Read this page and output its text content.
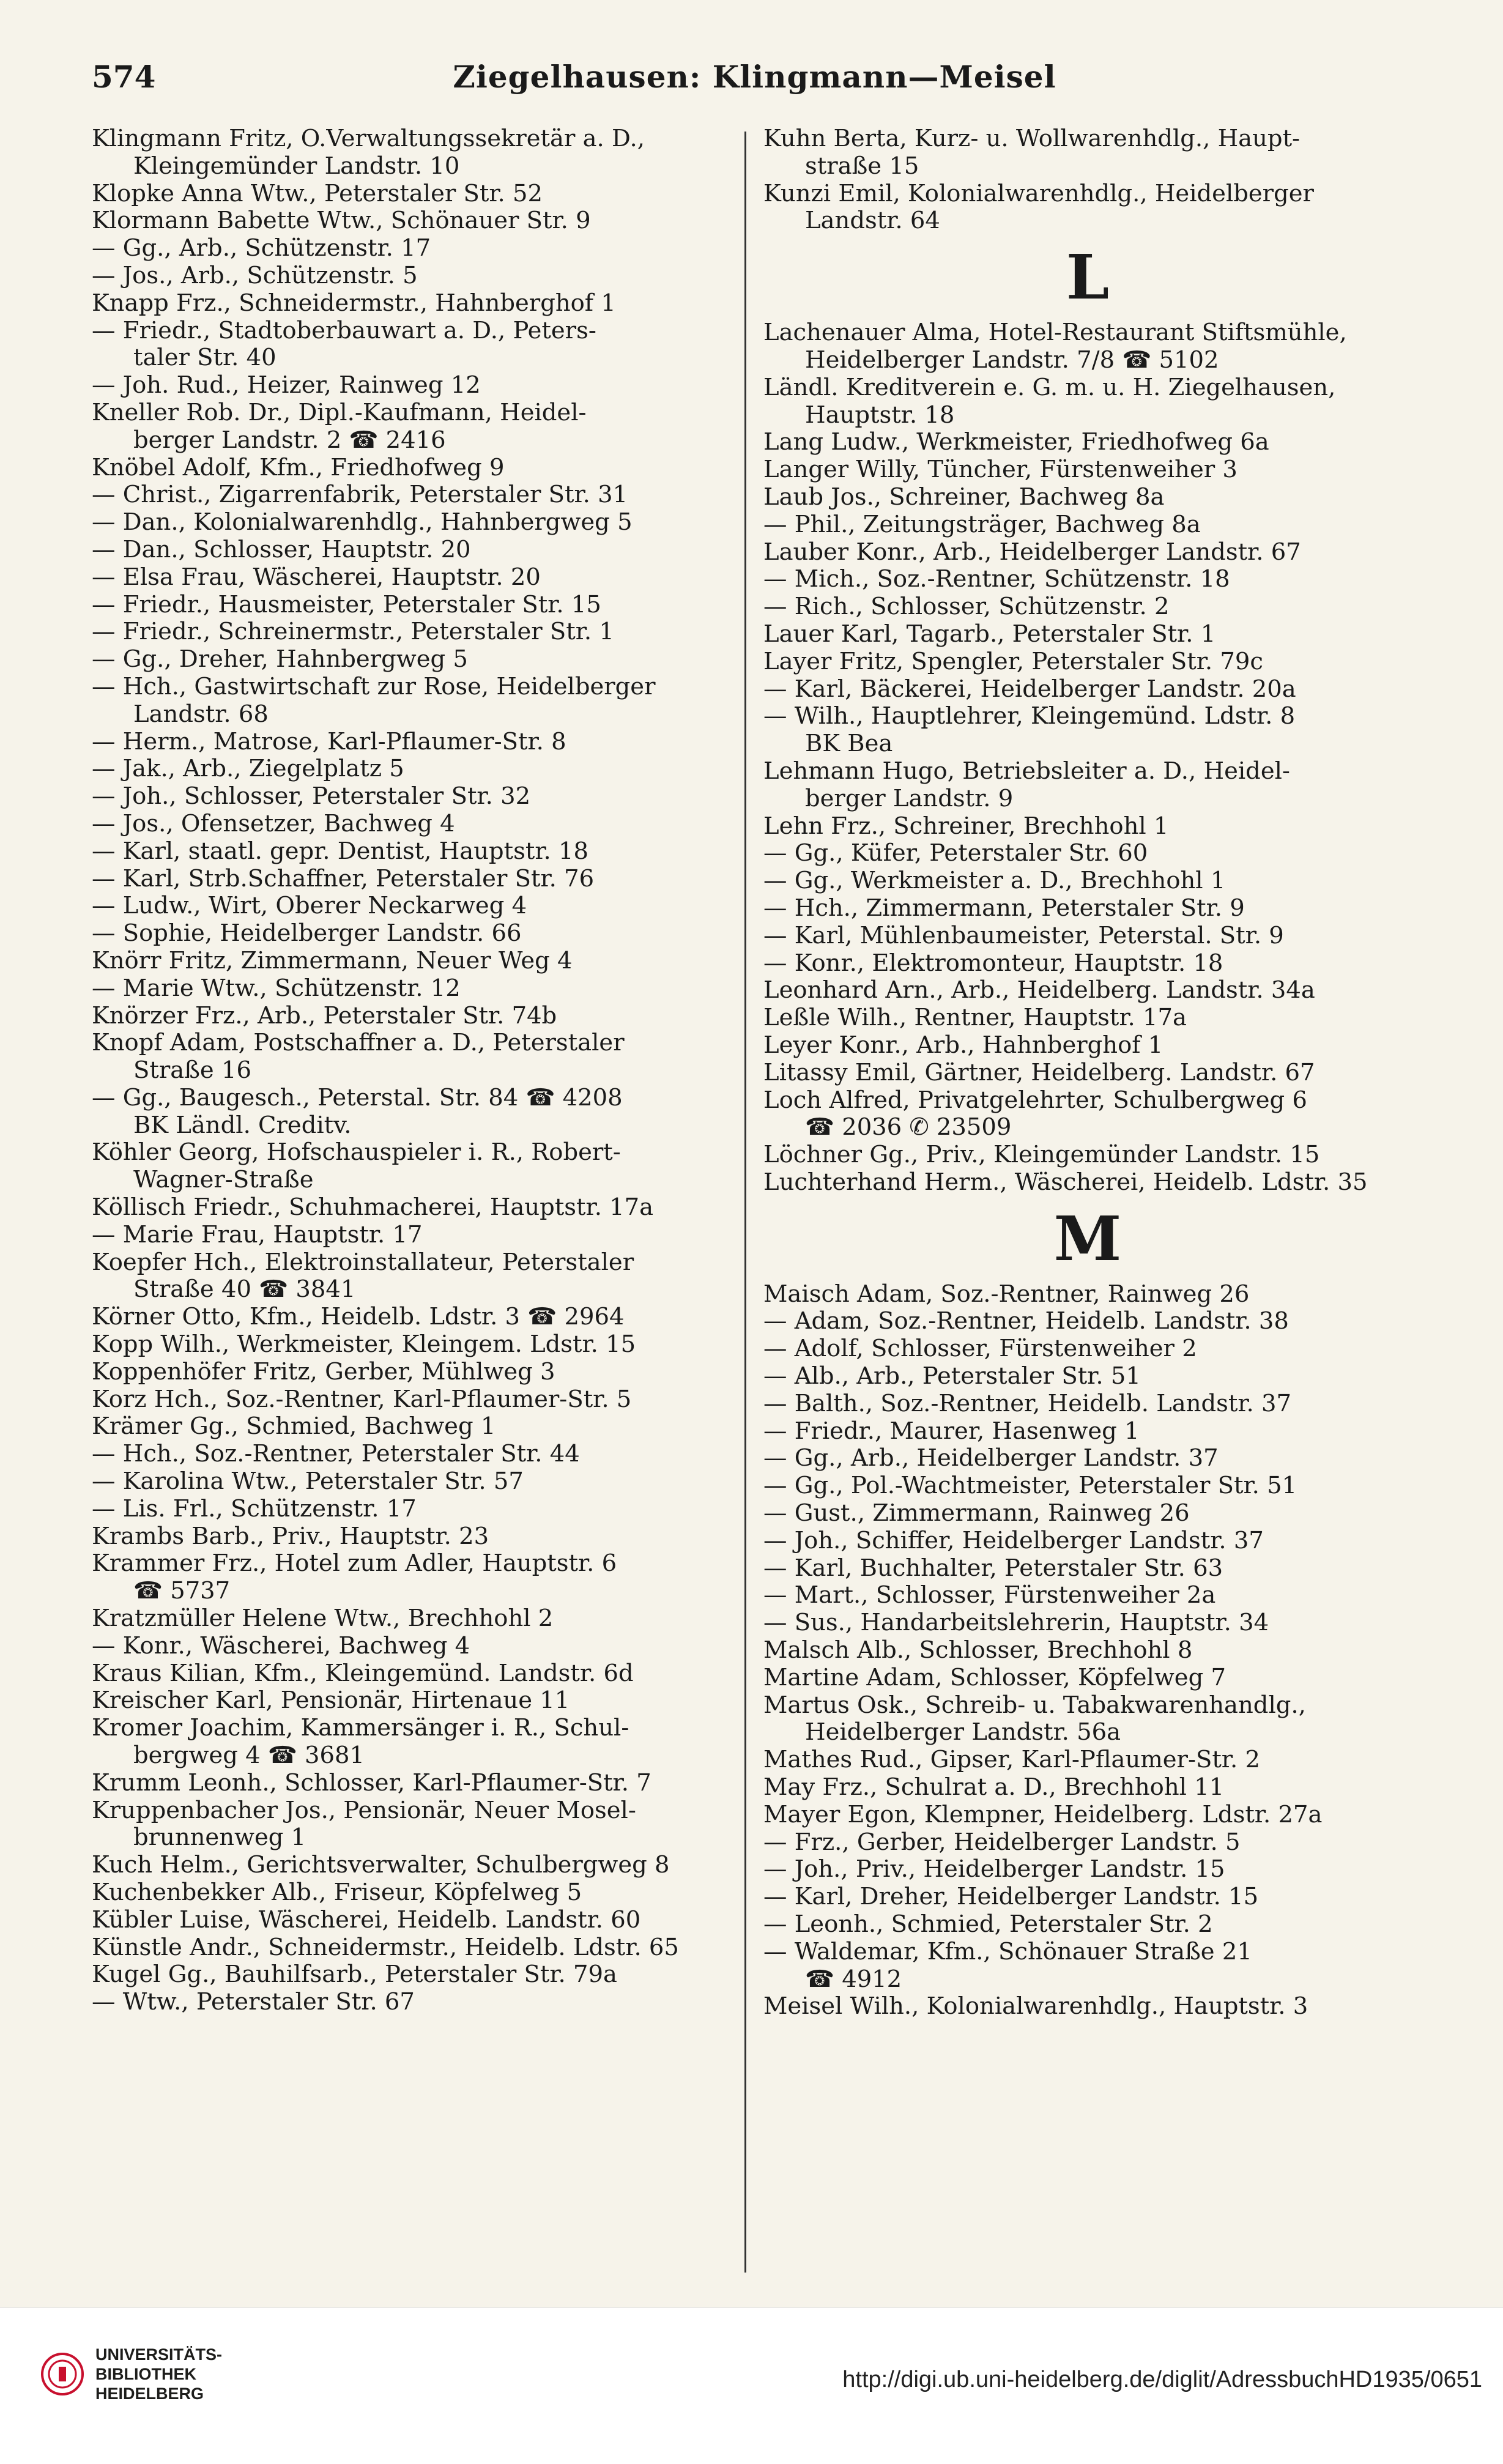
574	Ziegelhausen: Klingmann—Meisel
Klingmann Fritz, O.Verwaltungssekretär a. D.,
Kleingemünder Landstr. 10
Klopke Anna Wtw., Peterstaler Str. 52
Klormann Babette Wtw., Schönauer Str. 9
— Gg., Arb., Schützenstr. 17
— Jos., Arb., Schützenstr. 5
Knapp Frz., Schneidermstr., Hahnberghof 1
— Friedr., Stadtoberbauwart a. D., Peters-
taler Str. 40
— Joh. Rud., Heizer, Rainweg 12
Kneller Rob. Dr., Dipl.-Kaufmann, Heidel-
berger Landstr. 2 ☎ 2416
Knöbel Adolf, Kfm., Friedhofweg 9
— Christ., Zigarrenfabrik, Peterstaler Str. 31
— Dan., Kolonialwarenhdlg., Hahnbergweg 5
— Dan., Schlosser, Hauptstr. 20
— Elsa Frau, Wäscherei, Hauptstr. 20
— Friedr., Hausmeister, Peterstaler Str. 15
— Friedr., Schreinermstr., Peterstaler Str. 1
— Gg., Dreher, Hahnbergweg 5
— Hch., Gastwirtschaft zur Rose, Heidelberger
Landstr. 68
— Herm., Matrose, Karl-Pflaumer-Str. 8
— Jak., Arb., Ziegelplatz 5
— Joh., Schlosser, Peterstaler Str. 32
— Jos., Ofensetzer, Bachweg 4
— Karl, staatl. gepr. Dentist, Hauptstr. 18
— Karl, Strb.Schaffner, Peterstaler Str. 76
— Ludw., Wirt, Oberer Neckarweg 4
— Sophie, Heidelberger Landstr. 66
Knörr Fritz, Zimmermann, Neuer Weg 4
— Marie Wtw., Schützenstr. 12
Knörzer Frz., Arb., Peterstaler Str. 74b
Knopf Adam, Postschaffner a. D., Peterstaler
Straße 16
— Gg., Baugesch., Peterstal. Str. 84 ☎ 4208
BK Ländl. Creditv.
Köhler Georg, Hofschauspieler i. R., Robert-
Wagner-Straße
Köllisch Friedr., Schuhmacherei, Hauptstr. 17a
— Marie Frau, Hauptstr. 17
Koepfer Hch., Elektroinstallateur, Peterstaler
Straße 40 ☎ 3841
Körner Otto, Kfm., Heidelb. Ldstr. 3 ☎ 2964
Kopp Wilh., Werkmeister, Kleingem. Ldstr. 15
Koppenhöfer Fritz, Gerber, Mühlweg 3
Korz Hch., Soz.-Rentner, Karl-Pflaumer-Str. 5
Krämer Gg., Schmied, Bachweg 1
— Hch., Soz.-Rentner, Peterstaler Str. 44
— Karolina Wtw., Peterstaler Str. 57
— Lis. Frl., Schützenstr. 17
Krambs Barb., Priv., Hauptstr. 23
Krammer Frz., Hotel zum Adler, Hauptstr. 6
☎ 5737
Kratzmüller Helene Wtw., Brechhohl 2
— Konr., Wäscherei, Bachweg 4
Kraus Kilian, Kfm., Kleingemünd. Landstr. 6d
Kreischer Karl, Pensionär, Hirtenaue 11
Kromer Joachim, Kammersänger i. R., Schul-
bergweg 4 ☎ 3681
Krumm Leonh., Schlosser, Karl-Pflaumer-Str. 7
Kruppenbacher Jos., Pensionär, Neuer Mosel-
brunnenweg 1
Kuch Helm., Gerichtsverwalter, Schulbergweg 8
Kuchenbekker Alb., Friseur, Köpfelweg 5
Kübler Luise, Wäscherei, Heidelb. Landstr. 60
Künstle Andr., Schneidermstr., Heidelb. Ldstr. 65
Kugel Gg., Bauhilfsarb., Peterstaler Str. 79a
— Wtw., Peterstaler Str. 67
Kuhn Berta, Kurz- u. Wollwarenhdlg., Haupt-
straße 15
Kunzi Emil, Kolonialwarenhdlg., Heidelberger
Landstr. 64
L
Lachenauer Alma, Hotel-Restaurant Stiftsmühle,
Heidelberger Landstr. 7/8 ☎ 5102
Ländl. Kreditverein e. G. m. u. H. Ziegelhausen,
Hauptstr. 18
Lang Ludw., Werkmeister, Friedhofweg 6a
Langer Willy, Tüncher, Fürstenweiher 3
Laub Jos., Schreiner, Bachweg 8a
— Phil., Zeitungsträger, Bachweg 8a
Lauber Konr., Arb., Heidelberger Landstr. 67
— Mich., Soz.-Rentner, Schützenstr. 18
— Rich., Schlosser, Schützenstr. 2
Lauer Karl, Tagarb., Peterstaler Str. 1
Layer Fritz, Spengler, Peterstaler Str. 79c
— Karl, Bäckerei, Heidelberger Landstr. 20a
— Wilh., Hauptlehrer, Kleingemünd. Ldstr. 8
BK Bea
Lehmann Hugo, Betriebsleiter a. D., Heidel-
berger Landstr. 9
Lehn Frz., Schreiner, Brechhohl 1
— Gg., Küfer, Peterstaler Str. 60
— Gg., Werkmeister a. D., Brechhohl 1
— Hch., Zimmermann, Peterstaler Str. 9
— Karl, Mühlenbaumeister, Peterstal. Str. 9
— Konr., Elektromonteur, Hauptstr. 18
Leonhard Arn., Arb., Heidelberg. Landstr. 34a
Leßle Wilh., Rentner, Hauptstr. 17a
Leyer Konr., Arb., Hahnberghof 1
Litassy Emil, Gärtner, Heidelberg. Landstr. 67
Loch Alfred, Privatgelehrter, Schulbergweg 6
☎ 2036 ✆ 23509
Löchner Gg., Priv., Kleingemünder Landstr. 15
Luchterhand Herm., Wäscherei, Heidelb. Ldstr. 35
M
Maisch Adam, Soz.-Rentner, Rainweg 26
— Adam, Soz.-Rentner, Heidelb. Landstr. 38
— Adolf, Schlosser, Fürstenweiher 2
— Alb., Arb., Peterstaler Str. 51
— Balth., Soz.-Rentner, Heidelb. Landstr. 37
— Friedr., Maurer, Hasenweg 1
— Gg., Arb., Heidelberger Landstr. 37
— Gg., Pol.-Wachtmeister, Peterstaler Str. 51
— Gust., Zimmermann, Rainweg 26
— Joh., Schiffer, Heidelberger Landstr. 37
— Karl, Buchhalter, Peterstaler Str. 63
— Mart., Schlosser, Fürstenweiher 2a
— Sus., Handarbeitslehrerin, Hauptstr. 34
Malsch Alb., Schlosser, Brechhohl 8
Martine Adam, Schlosser, Köpfelweg 7
Martus Osk., Schreib- u. Tabakwarenhandlg.,
Heidelberger Landstr. 56a
Mathes Rud., Gipser, Karl-Pflaumer-Str. 2
May Frz., Schulrat a. D., Brechhohl 11
Mayer Egon, Klempner, Heidelberg. Ldstr. 27a
— Frz., Gerber, Heidelberger Landstr. 5
— Joh., Priv., Heidelberger Landstr. 15
— Karl, Dreher, Heidelberger Landstr. 15
— Leonh., Schmied, Peterstaler Str. 2
— Waldemar, Kfm., Schönauer Straße 21
☎ 4912
Meisel Wilh., Kolonialwarenhdlg., Hauptstr. 3
UNIVERSITÄTS-
BIBLIOTHEK
HEIDELBERG
http://digi.ub.uni-heidelberg.de/diglit/AdressbuchHD1935/0651
